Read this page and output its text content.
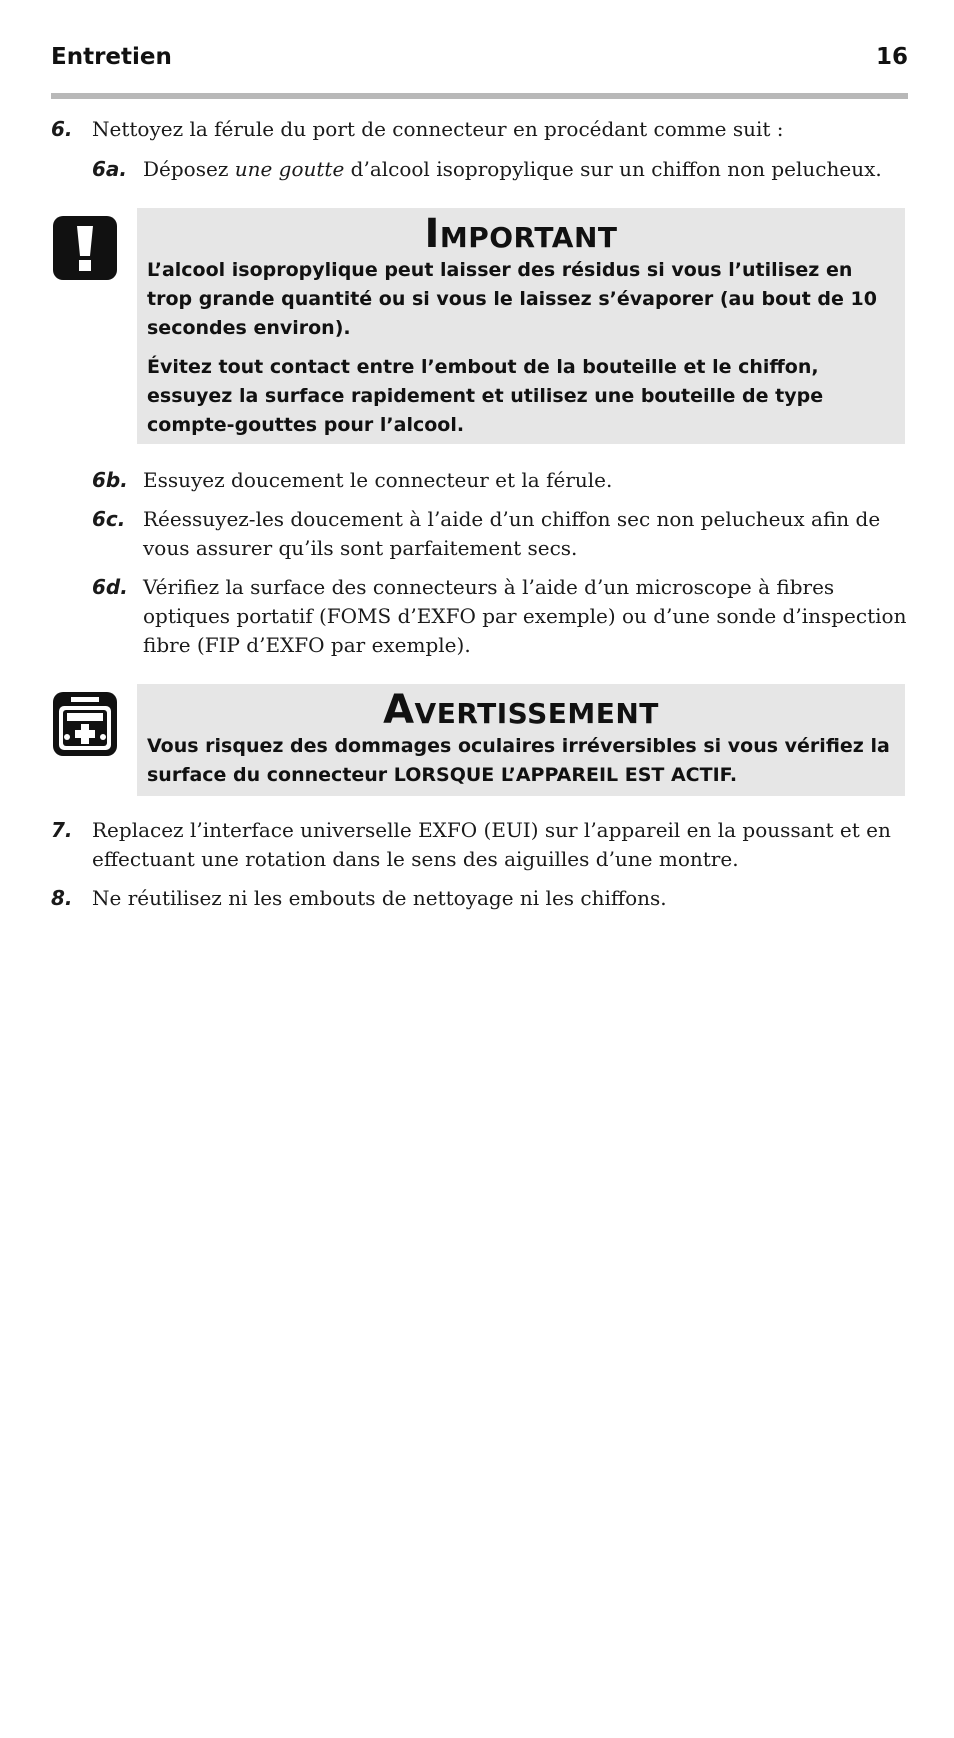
Entretien	16
6. Nettoyez la férule du port de connecteur en procédant comme suit :
6a. Déposez une goutte d’alcool isopropylique sur un chiffon non pelucheux.
Important

L’alcool isopropylique peut laisser des résidus si vous l’utilisez en trop grande quantité ou si vous le laissez s’évaporer (au bout de 10 secondes environ).

Évitez tout contact entre l’embout de la bouteille et le chiffon, essuyez la surface rapidement et utilisez une bouteille de type compte-gouttes pour l’alcool.

6b. Essuyez doucement le connecteur et la férule.
6c. Réessuyez-les doucement à l’aide d’un chiffon sec non pelucheux afin de vous assurer qu’ils sont parfaitement secs.
6d. Vérifiez la surface des connecteurs à l’aide d’un microscope à fibres optiques portatif (FOMS d’EXFO par exemple) ou d’une sonde d’inspection fibre (FIP d’EXFO par exemple).
Avertissement

Vous risquez des dommages oculaires irréversibles si vous vérifiez la surface du connecteur LORSQUE L’APPAREIL EST ACTIF.

7. Replacez l’interface universelle EXFO (EUI) sur l’appareil en la poussant et en effectuant une rotation dans le sens des aiguilles d’une montre.
8. Ne réutilisez ni les embouts de nettoyage ni les chiffons.
